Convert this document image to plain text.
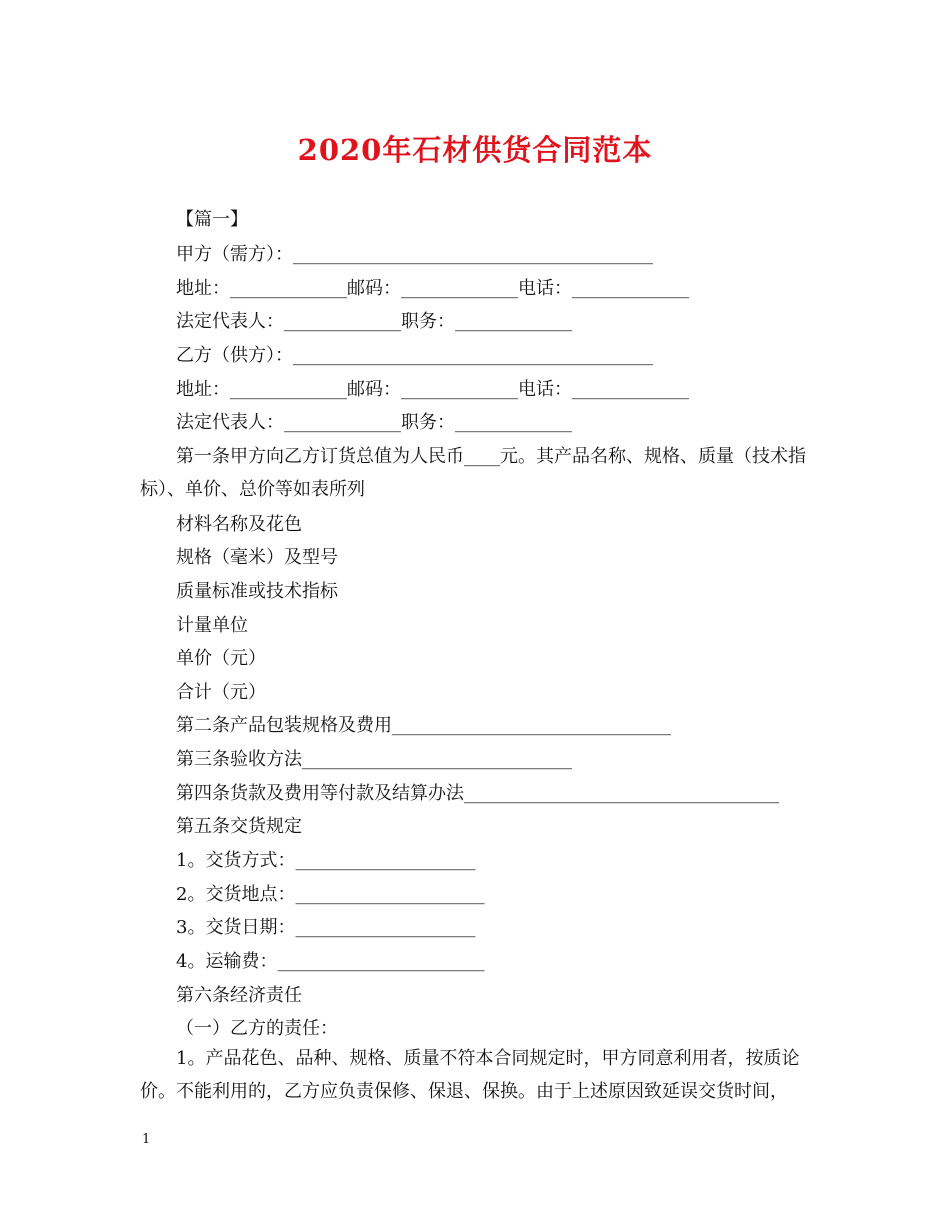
2020年石材供货合同范本
【篇一】
甲方（需方）：________________________________________
地址：_____________邮码：_____________电话：_____________
法定代表人：_____________职务：_____________
乙方（供方）：________________________________________
地址：_____________邮码：_____________电话：_____________
法定代表人：_____________职务：_____________
第一条甲方向乙方订货总值为人民币____元。其产品名称、规格、质量（技术指标）、单价、总价等如表所列
材料名称及花色
规格（毫米）及型号
质量标准或技术指标
计量单位
单价（元）
合计（元）
第二条产品包装规格及费用_______________________________
第三条验收方法______________________________
第四条货款及费用等付款及结算办法___________________________________
第五条交货规定
1。交货方式：____________________
2。交货地点：_____________________
3。交货日期：____________________
4。运输费：_______________________
第六条经济责任
（一）乙方的责任：
1。产品花色、品种、规格、质量不符本合同规定时，甲方同意利用者，按质论价。不能利用的，乙方应负责保修、保退、保换。由于上述原因致延误交货时间，
1
